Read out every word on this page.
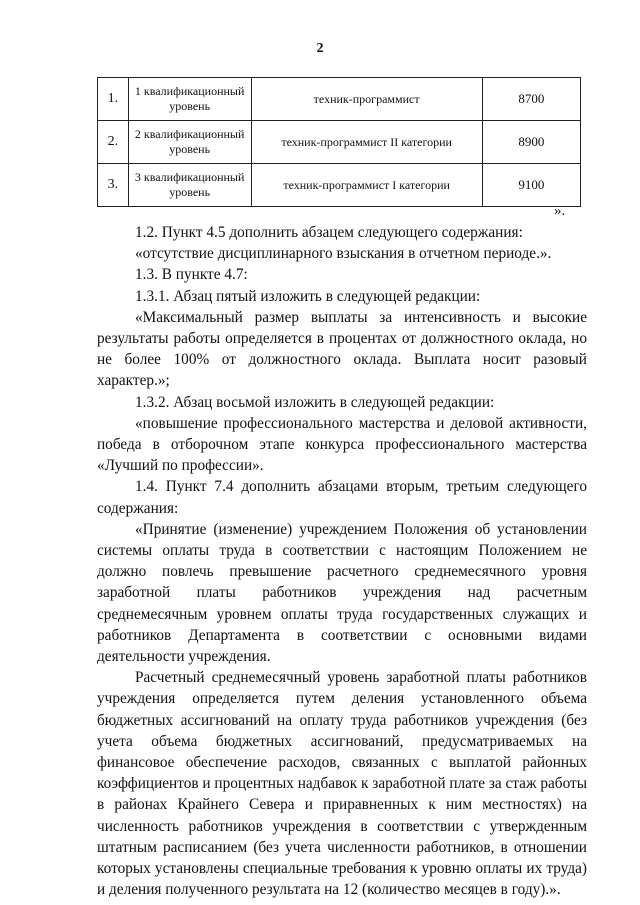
2
1.	1 квалификационный уровень	техник-программист	8700
2.	2 квалификационный уровень	техник-программист II категории	8900
3.	3 квалификационный уровень	техник-программист I категории	9100
».

1.2. Пункт 4.5 дополнить абзацем следующего содержания:

«отсутствие дисциплинарного взыскания в отчетном периоде.».

1.3. В пункте 4.7:

1.3.1. Абзац пятый изложить в следующей редакции:

«Максимальный размер выплаты за интенсивность и высокие результаты работы определяется в процентах от должностного оклада, но не более 100% от должностного оклада. Выплата носит разовый характер.»;

1.3.2. Абзац восьмой изложить в следующей редакции:

«повышение профессионального мастерства и деловой активности, победа в отборочном этапе конкурса профессионального мастерства «Лучший по профессии».

1.4. Пункт 7.4 дополнить абзацами вторым, третьим следующего содержания:

«Принятие (изменение) учреждением Положения об установлении системы оплаты труда в соответствии с настоящим Положением не должно повлечь превышение расчетного среднемесячного уровня заработной платы работников учреждения над расчетным среднемесячным уровнем оплаты труда государственных служащих и работников Департамента в соответствии с основными видами деятельности учреждения.

Расчетный среднемесячный уровень заработной платы работников учреждения определяется путем деления установленного объема бюджетных ассигнований на оплату труда работников учреждения (без учета объема бюджетных ассигнований, предусматриваемых на финансовое обеспечение расходов, связанных с выплатой районных коэффициентов и процентных надбавок к заработной плате за стаж работы в районах Крайнего Севера и приравненных к ним местностях) на численность работников учреждения в соответствии с утвержденным штатным расписанием (без учета численности работников, в отношении которых установлены специальные требования к уровню оплаты их труда) и деления полученного результата на 12 (количество месяцев в году).».
